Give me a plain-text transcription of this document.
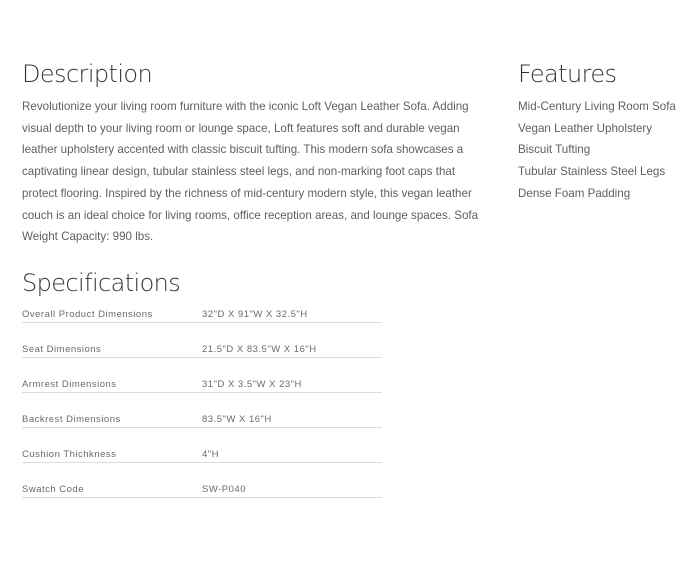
Description

Revolutionize your living room furniture with the iconic Loft Vegan Leather Sofa. Adding visual depth to your living room or lounge space, Loft features soft and durable vegan leather upholstery accented with classic biscuit tufting. This modern sofa showcases a captivating linear design, tubular stainless steel legs, and non-marking foot caps that protect flooring. Inspired by the richness of mid-century modern style, this vegan leather couch is an ideal choice for living rooms, office reception areas, and lounge spaces. Sofa Weight Capacity: 990 lbs.

Features
Mid-Century Living Room Sofa
Vegan Leather Upholstery
Biscuit Tufting
Tubular Stainless Steel Legs
Dense Foam Padding
Specifications
Overall Product Dimensions	32"D X 91"W X 32.5"H
Seat Dimensions	21.5"D X 83.5"W X 16"H
Armrest Dimensions	31"D X 3.5"W X 23"H
Backrest Dimensions	83.5"W X 16"H
Cushion Thichkness	4"H
Swatch Code	SW-P040
